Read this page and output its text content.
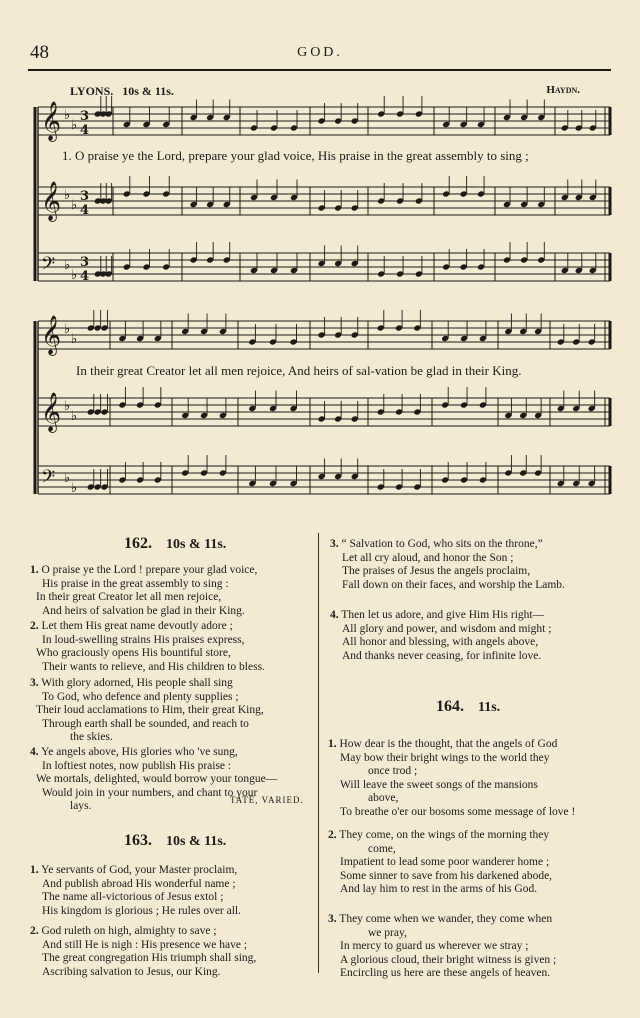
48	GOD.
LYONS. 10s & 11s.	Haydn.
𝄞 ♭
♭
3
4
𝄞 ♭
♭
3
4
𝄢 ♭
♭
3
4
𝄞 ♭
♭
𝄞 ♭
♭
𝄢 ♭
♭
1. O praise ye the Lord, prepare your glad voice, His praise in the great assembly to sing ;
In their great Creator let all men rejoice, And heirs of sal-vation be glad in their King.
162. 10s & 11s.
1. O praise ye the Lord ! prepare your glad voice,
His praise in the great assembly to sing :
In their great Creator let all men rejoice,
And heirs of salvation be glad in their King.
2. Let them His great name devoutly adore ;
In loud-swelling strains His praises express,
Who graciously opens His bountiful store,
Their wants to relieve, and His children to bless.
3. With glory adorned, His people shall sing
To God, who defence and plenty supplies ;
Their loud acclamations to Him, their great King,
Through earth shall be sounded, and reach to
the skies.
4. Ye angels above, His glories who 've sung,
In loftiest notes, now publish His praise :
We mortals, delighted, would borrow your tongue—
Would join in your numbers, and chant to your
lays.
TATE, VARIED.
163. 10s & 11s.
1. Ye servants of God, your Master proclaim,
And publish abroad His wonderful name ;
The name all-victorious of Jesus extol ;
His kingdom is glorious ; He rules over all.
2. God ruleth on high, almighty to save ;
And still He is nigh : His presence we have ;
The great congregation His triumph shall sing,
Ascribing salvation to Jesus, our King.
3. “ Salvation to God, who sits on the throne,”
Let all cry aloud, and honor the Son ;
The praises of Jesus the angels proclaim,
Fall down on their faces, and worship the Lamb.
4. Then let us adore, and give Him His right—
All glory and power, and wisdom and might ;
All honor and blessing, with angels above,
And thanks never ceasing, for infinite love.
164. 11s.
1. How dear is the thought, that the angels of God
May bow their bright wings to the world they
once trod ;
Will leave the sweet songs of the mansions
above,
To breathe o'er our bosoms some message of love !
2. They come, on the wings of the morning they
come,
Impatient to lead some poor wanderer home ;
Some sinner to save from his darkened abode,
And lay him to rest in the arms of his God.
3. They come when we wander, they come when
we pray,
In mercy to guard us wherever we stray ;
A glorious cloud, their bright witness is given ;
Encircling us here are these angels of heaven.
